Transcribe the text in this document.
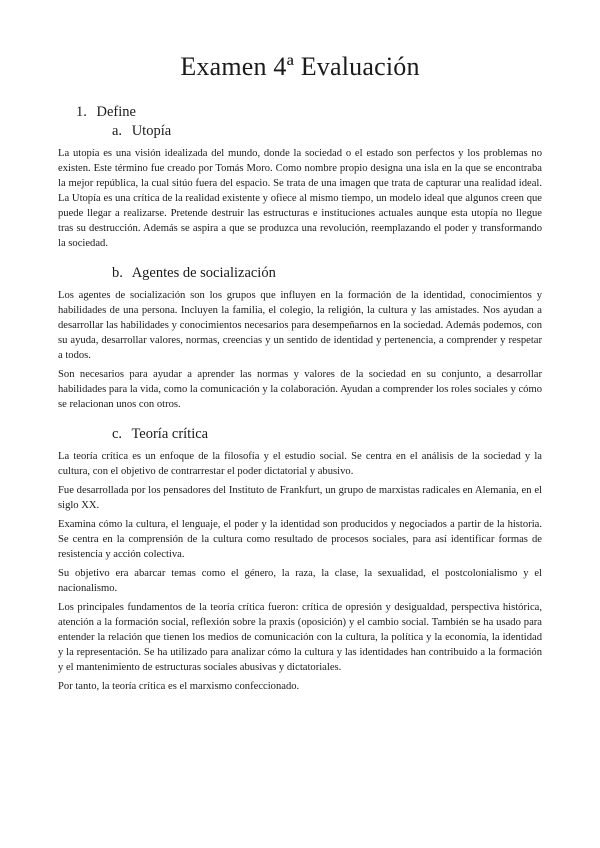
Examen 4ª Evaluación
1. Define
a. Utopía

La utopía es una visión idealizada del mundo, donde la sociedad o el estado son perfectos y los problemas no existen. Este término fue creado por Tomás Moro. Como nombre propio designa una isla en la que se encontraba la mejor república, la cual sitúo fuera del espacio. Se trata de una imagen que trata de capturar una realidad ideal. La Utopía es una crítica de la realidad existente y ofiece al mismo tiempo, un modelo ideal que algunos creen que puede llegar a realizarse. Pretende destruir las estructuras e instituciones actuales aunque esta utopía no llegue tras su destrucción. Además se aspira a que se produzca una revolución, reemplazando el poder y transformando la sociedad.

b. Agentes de socialización

Los agentes de socialización son los grupos que influyen en la formación de la identidad, conocimientos y habilidades de una persona. Incluyen la familia, el colegio, la religión, la cultura y las amistades. Nos ayudan a desarrollar las habilidades y conocimientos necesarios para desempeñarnos en la sociedad. Además podemos, con su ayuda, desarrollar valores, normas, creencias y un sentido de identidad y pertenencia, a comprender y respetar a todos.

Son necesarios para ayudar a aprender las normas y valores de la sociedad en su conjunto, a desarrollar habilidades para la vida, como la comunicación y la colaboración. Ayudan a comprender los roles sociales y cómo se relacionan unos con otros.

c. Teoría crítica

La teoría crítica es un enfoque de la filosofía y el estudio social. Se centra en el análisis de la sociedad y la cultura, con el objetivo de contrarrestar el poder dictatorial y abusivo.

Fue desarrollada por los pensadores del Instituto de Frankfurt, un grupo de marxistas radicales en Alemania, en el siglo XX.

Examina cómo la cultura, el lenguaje, el poder y la identidad son producidos y negociados a partir de la historia. Se centra en la comprensión de la cultura como resultado de procesos sociales, para así identificar formas de resistencia y acción colectiva.

Su objetivo era abarcar temas como el género, la raza, la clase, la sexualidad, el postcolonialismo y el nacionalismo.

Los principales fundamentos de la teoría crítica fueron: crítica de opresión y desigualdad, perspectiva histórica, atención a la formación social, reflexión sobre la praxis (oposición) y el cambio social. También se ha usado para entender la relación que tienen los medios de comunicación con la cultura, la política y la economía, la identidad y la representación. Se ha utilizado para analizar cómo la cultura y las identidades han contribuido a la formación y el mantenimiento de estructuras sociales abusivas y dictatoriales.

Por tanto, la teoría crítica es el marxismo confeccionado.
